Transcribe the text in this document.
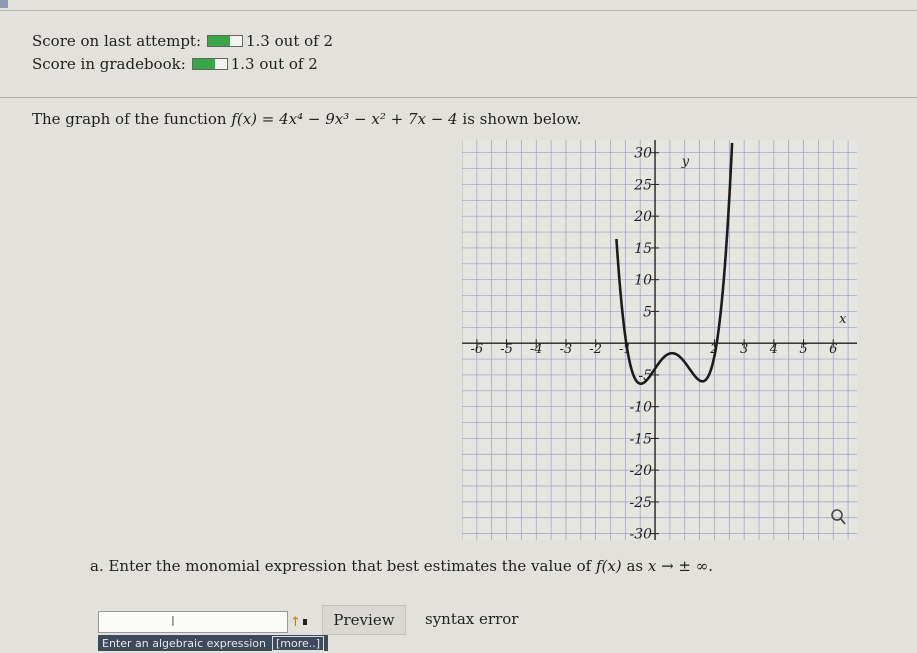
Score on last attempt:	1.3 out of 2
Score in gradebook:	1.3 out of 2
The graph of the function f(x) = 4x⁴ − 9x³ − x² + 7x − 4 is shown below.
-6 -5 -4 -3 -2 -1	2 3 4 5 6
30
25
20
15
10
5
-5
-10
-15
-20
-25
-30
x
y
a. Enter the monomial expression that best estimates the value of f(x) as x → ± ∞.
I	↑	Preview	syntax error
Enter an algebraic expression [more..]
